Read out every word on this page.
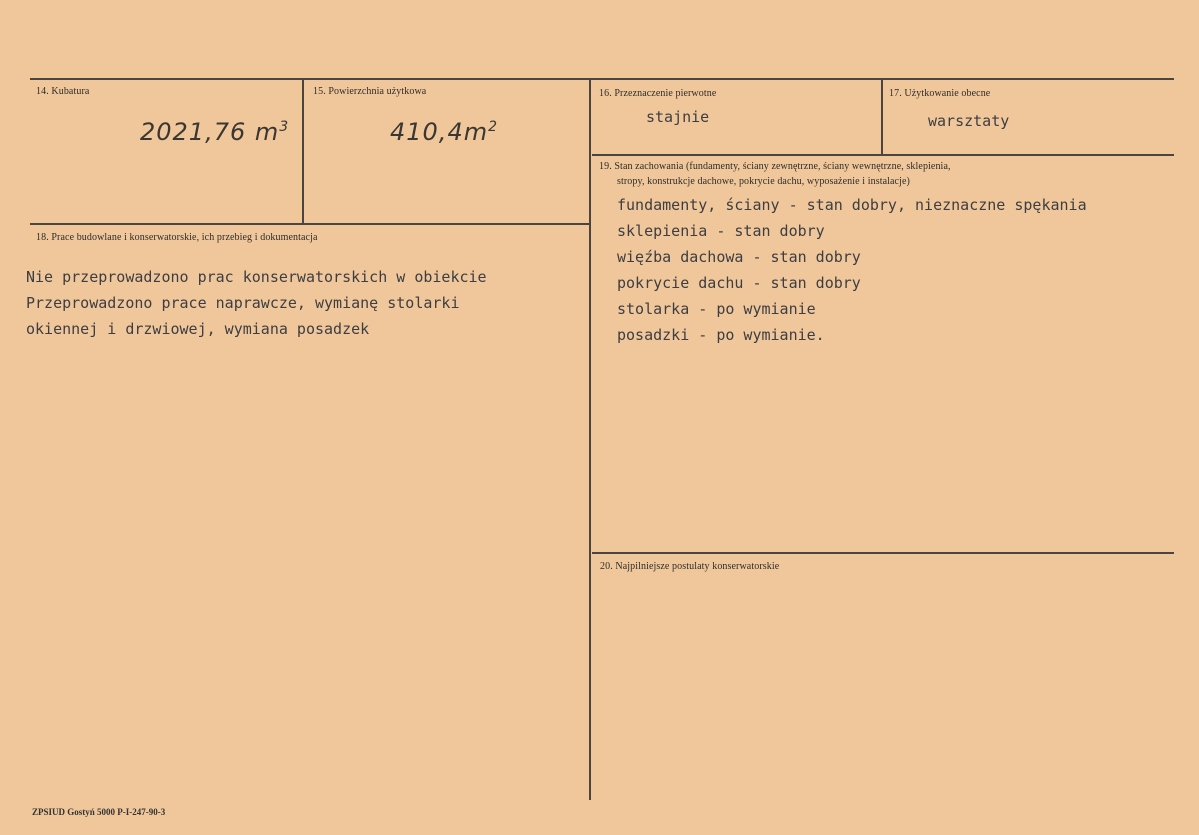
14. Kubatura
2021,76 $m^3$
15. Powierzchnia użytkowa
$410,4m^2$
16. Przeznaczenie pierwotne
stajnie
17. Użytkowanie obecne
warsztaty
18. Prace budowlane i konserwatorskie, ich przebieg i dokumentacja
Nie przeprowadzono prac konserwatorskich w obiekcie
Przeprowadzono prace naprawcze, wymianę stolarki
okiennej i drzwiowej, wymiana posadzek
19. Stan zachowania (fundamenty, ściany zewnętrzne, ściany wewnętrzne, sklepienia,
stropy, konstrukcje dachowe, pokrycie dachu, wyposażenie i instalacje)
fundamenty, ściany - stan dobry, nieznaczne spękania
sklepienia - stan dobry
więźba dachowa - stan dobry
pokrycie dachu - stan dobry
stolarka - po wymianie
posadzki - po wymianie.
20. Najpilniejsze postulaty konserwatorskie
ZPSIUD Gostyń 5000 P-I-247-90-3
